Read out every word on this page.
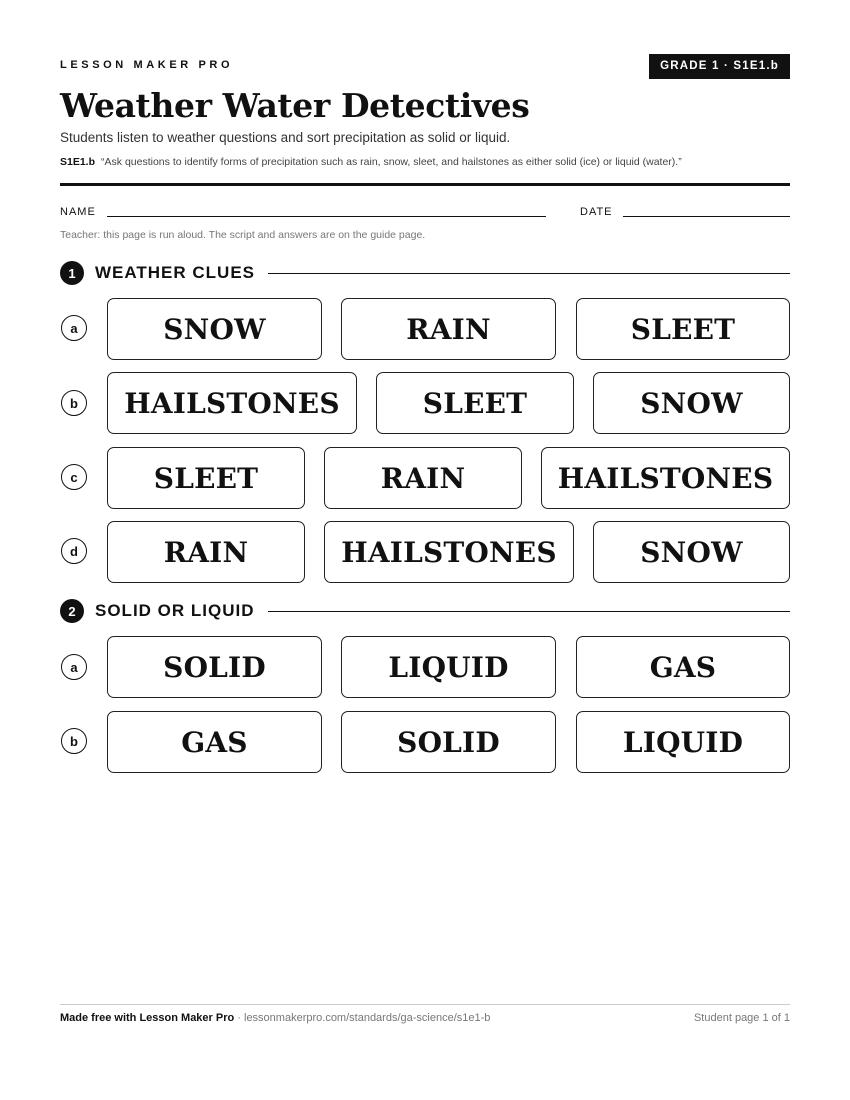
LESSON MAKER PRO	GRADE 1 · S1E1.b
Weather Water Detectives

Students listen to weather questions and sort precipitation as solid or liquid.

S1E1.b “Ask questions to identify forms of precipitation such as rain, snow, sleet, and hailstones as either solid (ice) or liquid (water).”

NAME	DATE

Teacher: this page is run aloud. The script and answers are on the guide page.

1	WEATHER CLUES
a	SNOW	RAIN	SLEET
b	HAILSTONES	SLEET	SNOW
c	SLEET	RAIN	HAILSTONES
d	RAIN	HAILSTONES	SNOW
2	SOLID OR LIQUID
a	SOLID	LIQUID	GAS
b	GAS	SOLID	LIQUID

Made free with Lesson Maker Pro · lessonmakerpro.com/standards/ga-science/s1e1-b	Student page 1 of 1
